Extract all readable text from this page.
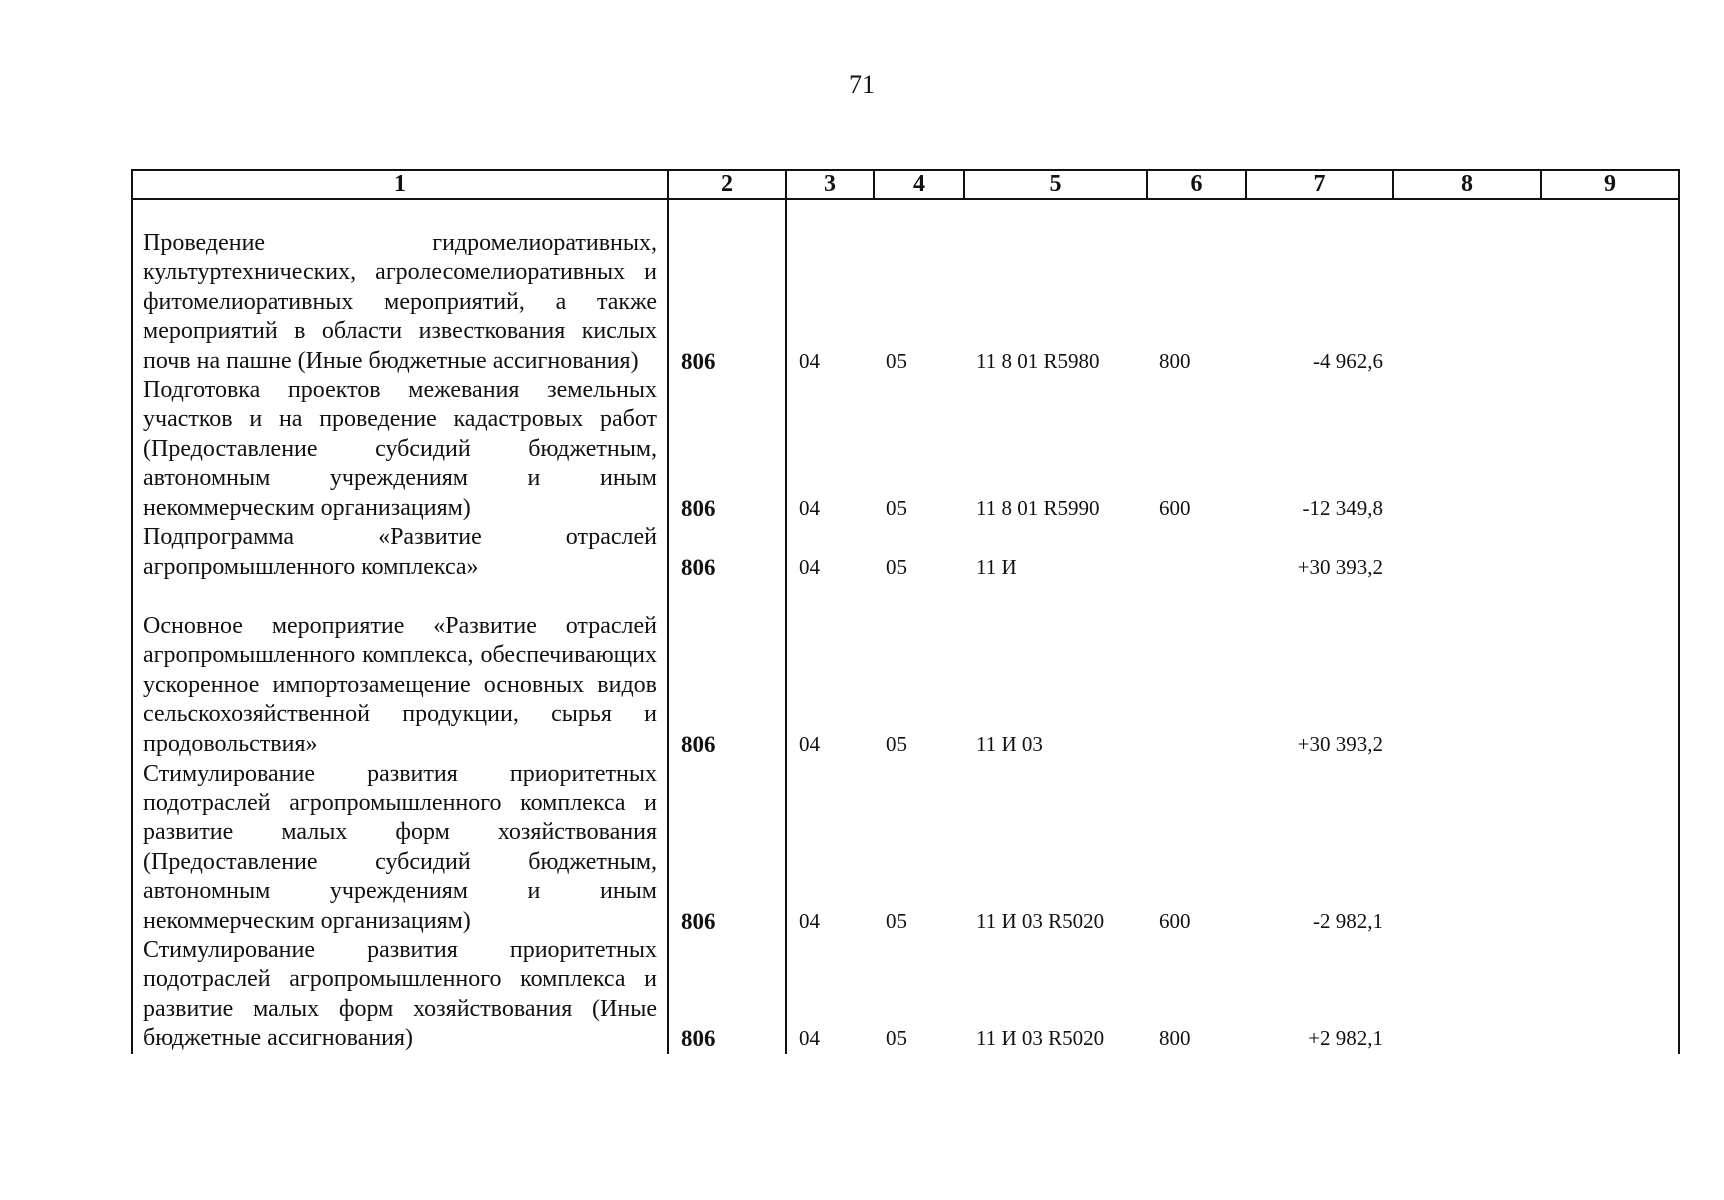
71
1	2	3	4	5	6	7	8	9
Проведение гидромелиоративных, культуртехнических, агролесомелиоративных и фитомелиоративных мероприятий, а также мероприятий в области известкования кислых почв на пашне (Иные бюджетные ассигнования)	806	04	05	11 8 01 R5980	800	-4 962,6		
Подготовка проектов межевания земельных участков и на проведение кадастровых работ (Предоставление субсидий бюджетным, автономным учреждениям и иным некоммерческим организациям)	806	04	05	11 8 01 R5990	600	-12 349,8		
Подпрограмма «Развитие отраслей агропромышленного комплекса»	806	04	05	11 И		+30 393,2		
Основное мероприятие «Развитие отраслей агропромышленного комплекса, обеспечивающих ускоренное импортозамещение основных видов сельскохозяйственной продукции, сырья и продовольствия»	806	04	05	11 И 03		+30 393,2		
Стимулирование развития приоритетных подотраслей агропромышленного комплекса и развитие малых форм хозяйствования (Предоставление субсидий бюджетным, автономным учреждениям и иным некоммерческим организациям)	806	04	05	11 И 03 R5020	600	-2 982,1		
Стимулирование развития приоритетных подотраслей агропромышленного комплекса и развитие малых форм хозяйствования (Иные бюджетные ассигнования)	806	04	05	11 И 03 R5020	800	+2 982,1		
